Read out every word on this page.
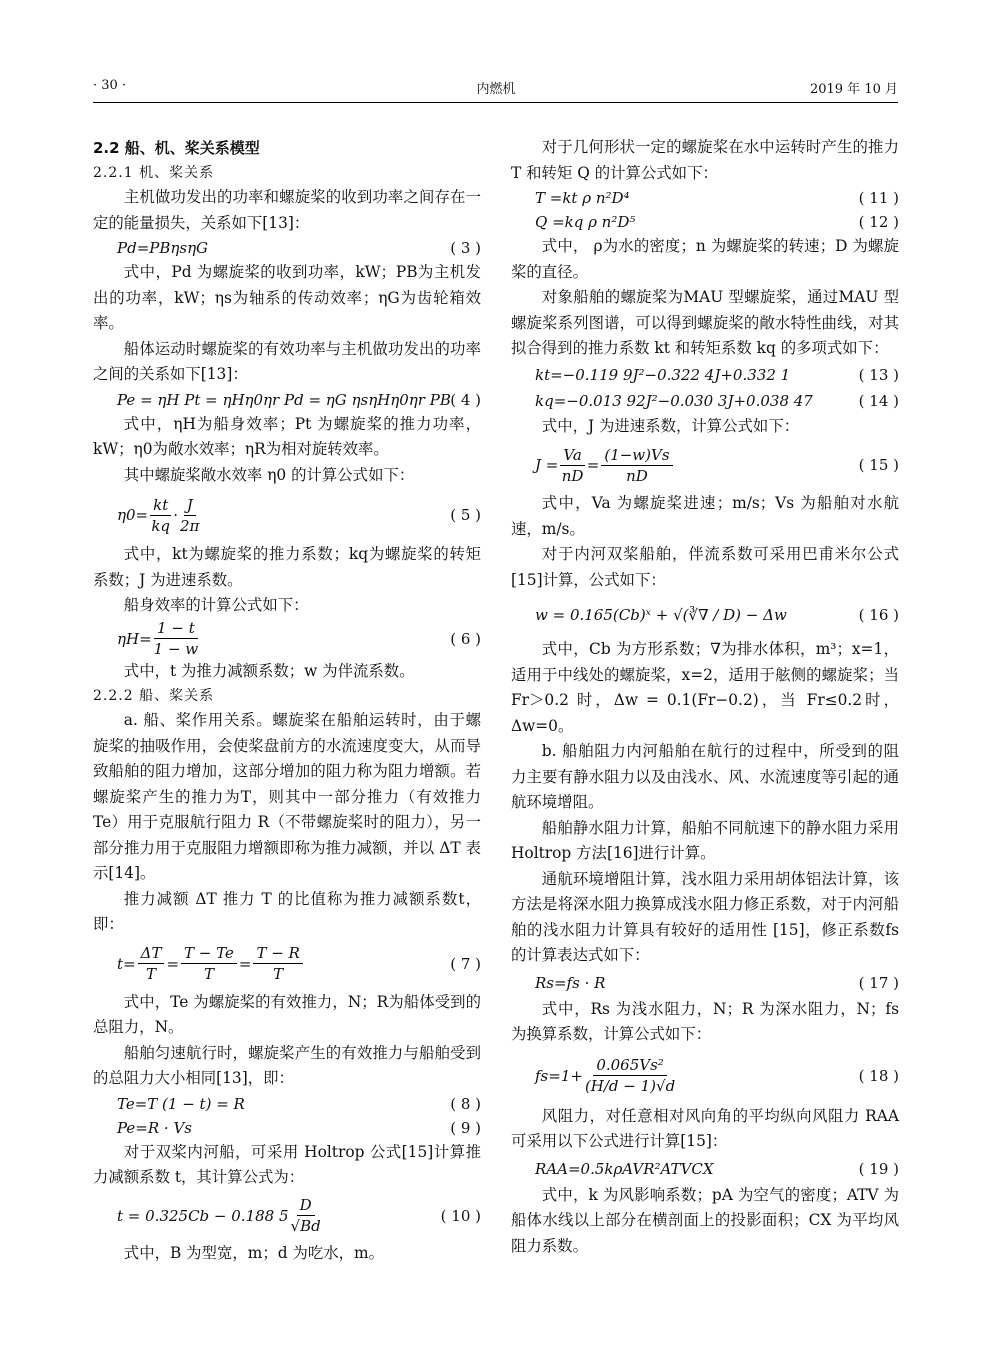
· 30 ·	内燃机	2019 年 10 月
2.2 船、机、桨关系模型
2.2.1 机、桨关系

主机做功发出的功率和螺旋桨的收到功率之间存在一定的能量损失，关系如下[13]：

Pd=PBηsηG	( 3 )

式中，Pd 为螺旋桨的收到功率，kW；PB为主机发出的功率，kW；ηs为轴系的传动效率；ηG为齿轮箱效率。

船体运动时螺旋桨的有效功率与主机做功发出的功率之间的关系如下[13]：

Pe = ηH Pt = ηHη0ηr Pd = ηG ηsηHη0ηr PB ( 4 )

式中，ηH为船身效率；Pt 为螺旋桨的推力功率，kW；η0为敞水效率；ηR为相对旋转效率。

其中螺旋桨敞水效率 η0 的计算公式如下：

$\eta 0= \frac{kt}{kq} \cdot \frac{J}{2\pi}$	( 5 )

式中，kt为螺旋桨的推力系数；kq为螺旋桨的转矩系数；J 为进速系数。

船身效率的计算公式如下：

$\eta H= \frac{1 - t}{1 - w}$	( 6 )

式中，t 为推力减额系数；w 为伴流系数。

2.2.2 船、桨关系

a. 船、桨作用关系。螺旋桨在船舶运转时，由于螺旋桨的抽吸作用，会使桨盘前方的水流速度变大，从而导致船舶的阻力增加，这部分增加的阻力称为阻力增额。若螺旋桨产生的推力为T，则其中一部分推力（有效推力Te）用于克服航行阻力 R（不带螺旋桨时的阻力），另一部分推力用于克服阻力增额即称为推力减额，并以 ΔT 表示[14]。

推力减额 ΔT 推力 T 的比值称为推力减额系数t，即：

$t= \frac{\Delta T}{T} = \frac{T - Te}{T} = \frac{T - R}{T}$	( 7 )

式中，Te 为螺旋桨的有效推力，N；R为船体受到的总阻力，N。

船舶匀速航行时，螺旋桨产生的有效推力与船舶受到的总阻力大小相同[13]，即：

Te=T (1 − t) = R	( 8 )
Pe=R · Vs	( 9 )

对于双桨内河船，可采用 Holtrop 公式[15]计算推力减额系数 t，其计算公式为：

t = 0.325Cb − 0.188 $5 \frac{D}{√Bd}$	( 10 )

式中，B 为型宽，m；d 为吃水，m。

对于几何形状一定的螺旋桨在水中运转时产生的推力 T 和转矩 Q 的计算公式如下：

T =kt ρ n²D⁴	( 11 )
Q =kq ρ n²D⁵	( 12 )

式中， ρ为水的密度；n 为螺旋桨的转速；D 为螺旋桨的直径。

对象船舶的螺旋桨为MAU 型螺旋桨，通过MAU 型螺旋桨系列图谱，可以得到螺旋桨的敞水特性曲线，对其拟合得到的推力系数 kt 和转矩系数 kq 的多项式如下：

kt=−0.119 9J²−0.322 4J+0.332 1	( 13 )
kq=−0.013 92J²−0.030 3J+0.038 47	( 14 )

式中，J 为进速系数，计算公式如下：

$J = \frac{Va}{nD} = \frac{(1-w)Vs}{nD}$	( 15 )

式中，Va 为螺旋桨进速；m/s；Vs 为船舶对水航速，m/s。

对于内河双桨船舶，伴流系数可采用巴甫米尔公式[15]计算，公式如下：

w = 0.165(Cb)ˣ + √(∛∇ / D) − Δw	( 16 )

式中，Cb 为方形系数；∇为排水体积，m³；x=1，适用于中线处的螺旋桨，x=2，适用于舷侧的螺旋桨；当 Fr＞0.2 时，Δw = 0.1(Fr−0.2)，当 Fr≤0.2时，Δw=0。

b. 船舶阻力内河船舶在航行的过程中，所受到的阻力主要有静水阻力以及由浅水、风、水流速度等引起的通航环境增阻。

船舶静水阻力计算，船舶不同航速下的静水阻力采用 Holtrop 方法[16]进行计算。

通航环境增阻计算，浅水阻力采用胡体铝法计算，该方法是将深水阻力换算成浅水阻力修正系数，对于内河船舶的浅水阻力计算具有较好的适用性 [15]，修正系数fs 的计算表达式如下：

Rs=fs · R	( 17 )

式中，Rs 为浅水阻力，N；R 为深水阻力，N；fs 为换算系数，计算公式如下：

$fs=1+ \frac{\text{0.065Vs²}}{(H/d - 1)√d}$	( 18 )

风阻力，对任意相对风向角的平均纵向风阻力 RAA 可采用以下公式进行计算[15]：

RAA=0.5kρAVR²ATVCX	( 19 )

式中，k 为风影响系数；pA 为空气的密度；ATV 为船体水线以上部分在横剖面上的投影面积；CX 为平均风阻力系数。
